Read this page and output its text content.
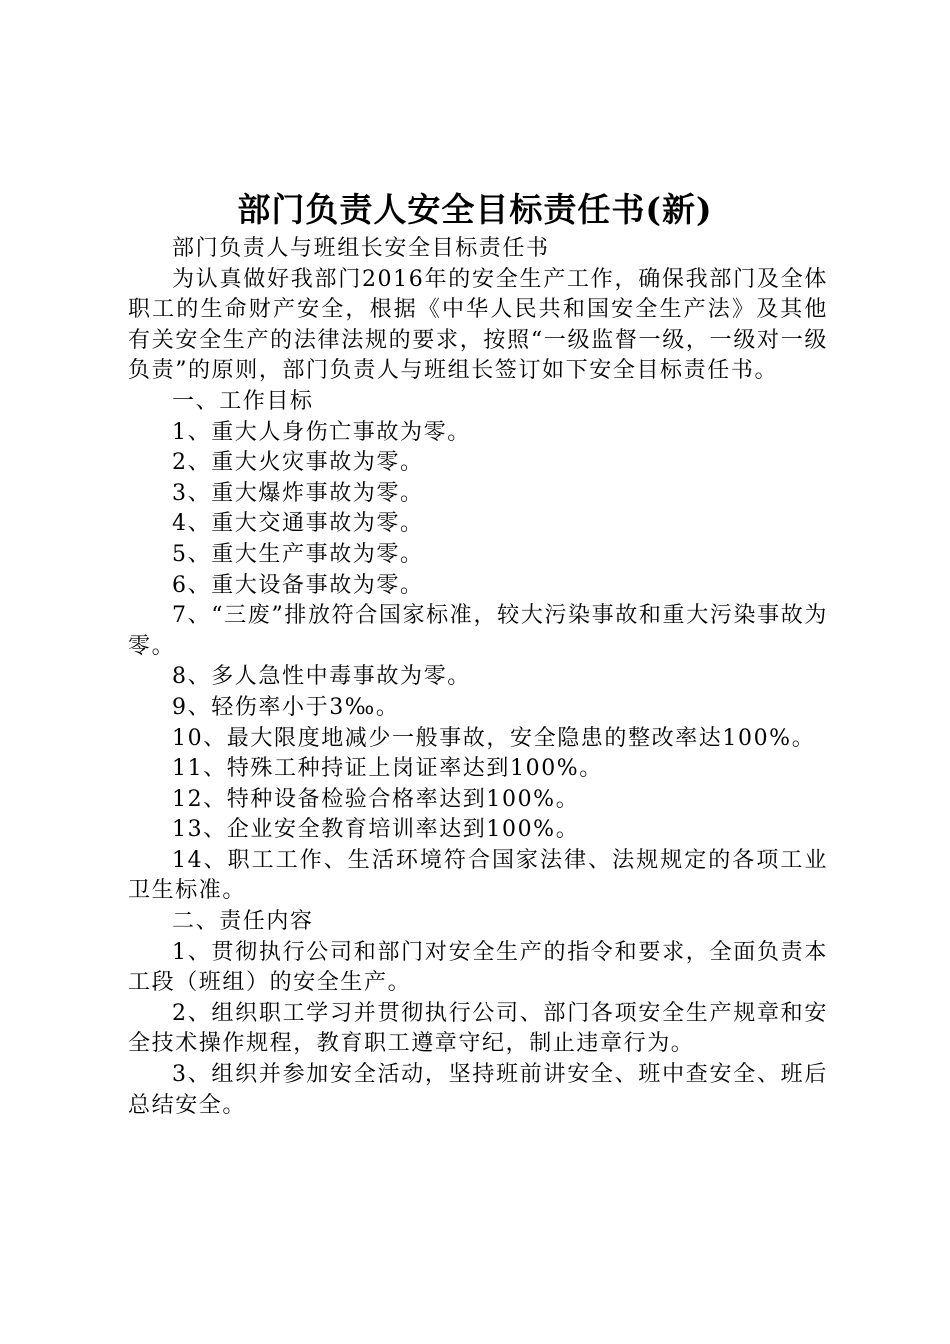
部门负责人安全目标责任书(新)

部门负责人与班组长安全目标责任书

为认真做好我部门2016年的安全生产工作，确保我部门及全体职工的生命财产安全，根据《中华人民共和国安全生产法》及其他有关安全生产的法律法规的要求，按照“一级监督一级，一级对一级负责”的原则，部门负责人与班组长签订如下安全目标责任书。

一、工作目标

1、重大人身伤亡事故为零。

2、重大火灾事故为零。

3、重大爆炸事故为零。

4、重大交通事故为零。

5、重大生产事故为零。

6、重大设备事故为零。

7、“三废”排放符合国家标准，较大污染事故和重大污染事故为零。

8、多人急性中毒事故为零。

9、轻伤率小于3‰。

10、最大限度地减少一般事故，安全隐患的整改率达100%。

11、特殊工种持证上岗证率达到100%。

12、特种设备检验合格率达到100%。

13、企业安全教育培训率达到100%。

14、职工工作、生活环境符合国家法律、法规规定的各项工业卫生标准。

二、责任内容

1、贯彻执行公司和部门对安全生产的指令和要求，全面负责本工段（班组）的安全生产。

2、组织职工学习并贯彻执行公司、部门各项安全生产规章和安全技术操作规程，教育职工遵章守纪，制止违章行为。

3、组织并参加安全活动，坚持班前讲安全、班中查安全、班后总结安全。
